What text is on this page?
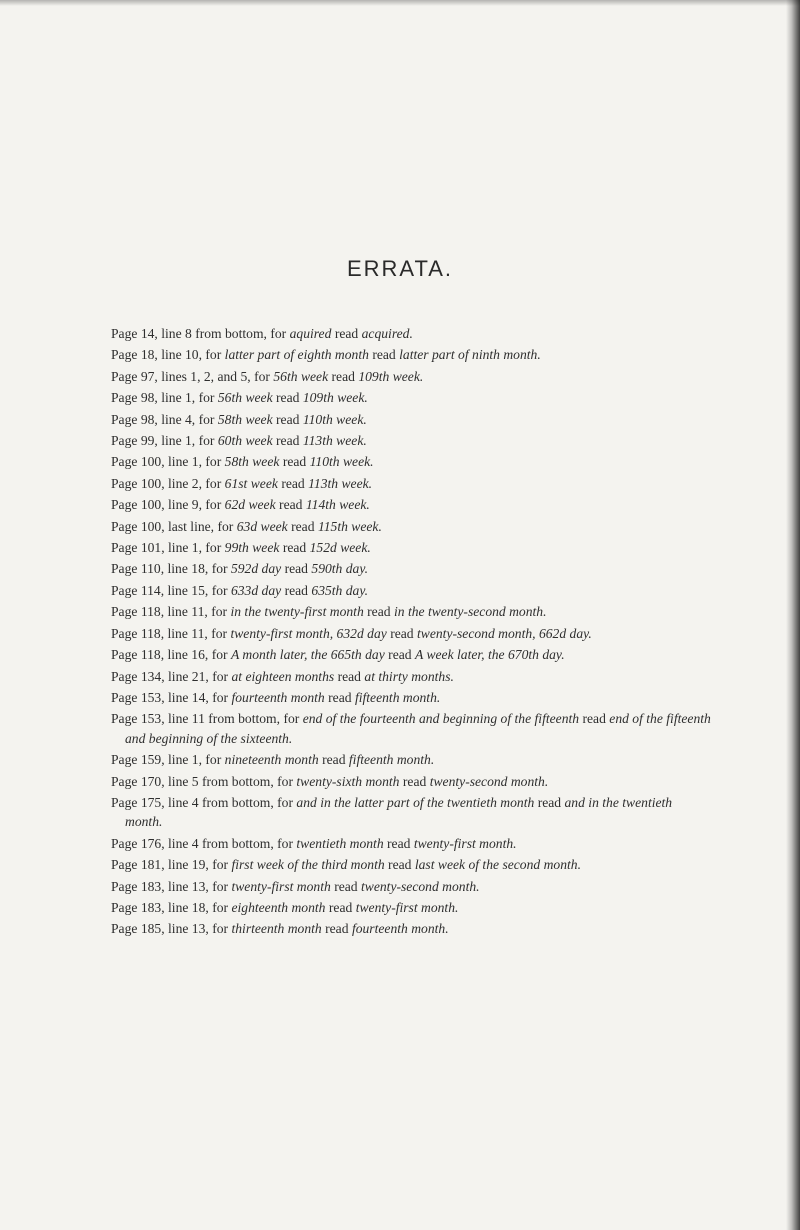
ERRATA.
Page 14, line 8 from bottom, for aquired read acquired.
Page 18, line 10, for latter part of eighth month read latter part of ninth month.
Page 97, lines 1, 2, and 5, for 56th week read 109th week.
Page 98, line 1, for 56th week read 109th week.
Page 98, line 4, for 58th week read 110th week.
Page 99, line 1, for 60th week read 113th week.
Page 100, line 1, for 58th week read 110th week.
Page 100, line 2, for 61st week read 113th week.
Page 100, line 9, for 62d week read 114th week.
Page 100, last line, for 63d week read 115th week.
Page 101, line 1, for 99th week read 152d week.
Page 110, line 18, for 592d day read 590th day.
Page 114, line 15, for 633d day read 635th day.
Page 118, line 11, for in the twenty-first month read in the twenty-second month.
Page 118, line 11, for twenty-first month, 632d day read twenty-second month, 662d day.
Page 118, line 16, for A month later, the 665th day read A week later, the 670th day.
Page 134, line 21, for at eighteen months read at thirty months.
Page 153, line 14, for fourteenth month read fifteenth month.
Page 153, line 11 from bottom, for end of the fourteenth and beginning of the fifteenth read end of the fifteenth and beginning of the sixteenth.
Page 159, line 1, for nineteenth month read fifteenth month.
Page 170, line 5 from bottom, for twenty-sixth month read twenty-second month.
Page 175, line 4 from bottom, for and in the latter part of the twentieth month read and in the twentieth month.
Page 176, line 4 from bottom, for twentieth month read twenty-first month.
Page 181, line 19, for first week of the third month read last week of the second month.
Page 183, line 13, for twenty-first month read twenty-second month.
Page 183, line 18, for eighteenth month read twenty-first month.
Page 185, line 13, for thirteenth month read fourteenth month.
